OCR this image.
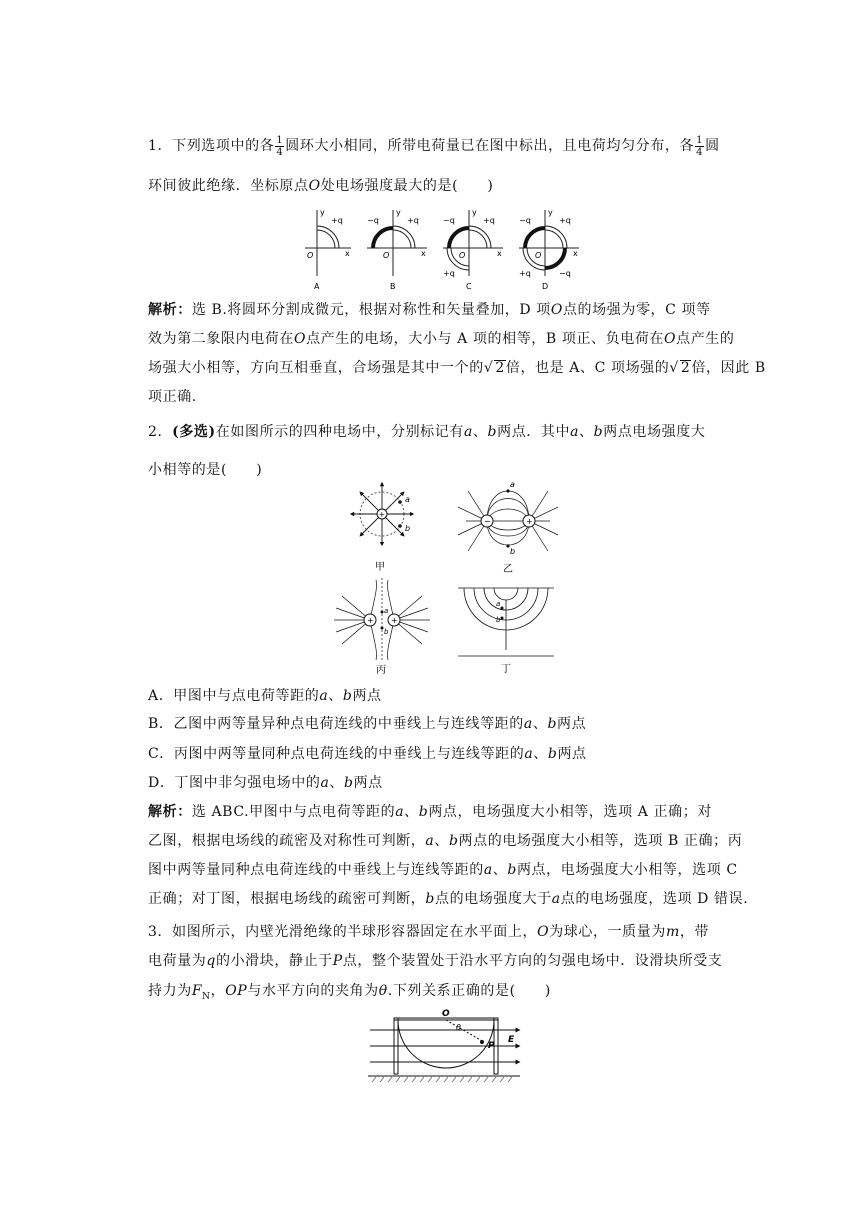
1．下列选项中的各 $\frac{1}{4}$ 圆环大小相同，所带电荷量已在图中标出，且电荷均匀分布，各 $\frac{1}{4}$ 圆
环间彼此绝缘．坐标原点O处电场强度最大的是(　　)
y
x
O
+q
A
y
x
O
−q	+q
B
y
x
O
−q	+q
+q
C
y
x
O
−q	+q
+q	−q
D
解析：选 B.将圆环分割成微元，根据对称性和矢量叠加，D 项O点的场强为零，C 项等
效为第二象限内电荷在O点产生的电场，大小与 A 项的相等，B 项正、负电荷在O点产生的
场强大小相等，方向互相垂直，合场强是其中一个的√ 2倍，也是 A、C 项场强的√ 2倍，因此 B
项正确.
2．(多选)在如图所示的四种电场中，分别标记有a、b两点．其中a、b两点电场强度大
小相等的是(　　)
+
a
b
甲
−	+
a
b
乙
+ +
a
b
丙
a
b
丁
A．甲图中与点电荷等距的a、b两点
B．乙图中两等量异种点电荷连线的中垂线上与连线等距的a、b两点
C．丙图中两等量同种点电荷连线的中垂线上与连线等距的a、b两点
D．丁图中非匀强电场中的a、b两点
解析：选 ABC.甲图中与点电荷等距的a、b两点，电场强度大小相等，选项 A 正确；对
乙图，根据电场线的疏密及对称性可判断，a、b两点的电场强度大小相等，选项 B 正确；丙
图中两等量同种点电荷连线的中垂线上与连线等距的a、b两点，电场强度大小相等，选项 C
正确；对丁图，根据电场线的疏密可判断，b点的电场强度大于a点的电场强度，选项 D 错误.
3．如图所示，内壁光滑绝缘的半球形容器固定在水平面上，O为球心，一质量为m，带
电荷量为q的小滑块，静止于P点，整个装置处于沿水平方向的匀强电场中．设滑块所受支
持力为$F_N$，OP与水平方向的夹角为θ.下列关系正确的是(　　)
O
θ
P
E
